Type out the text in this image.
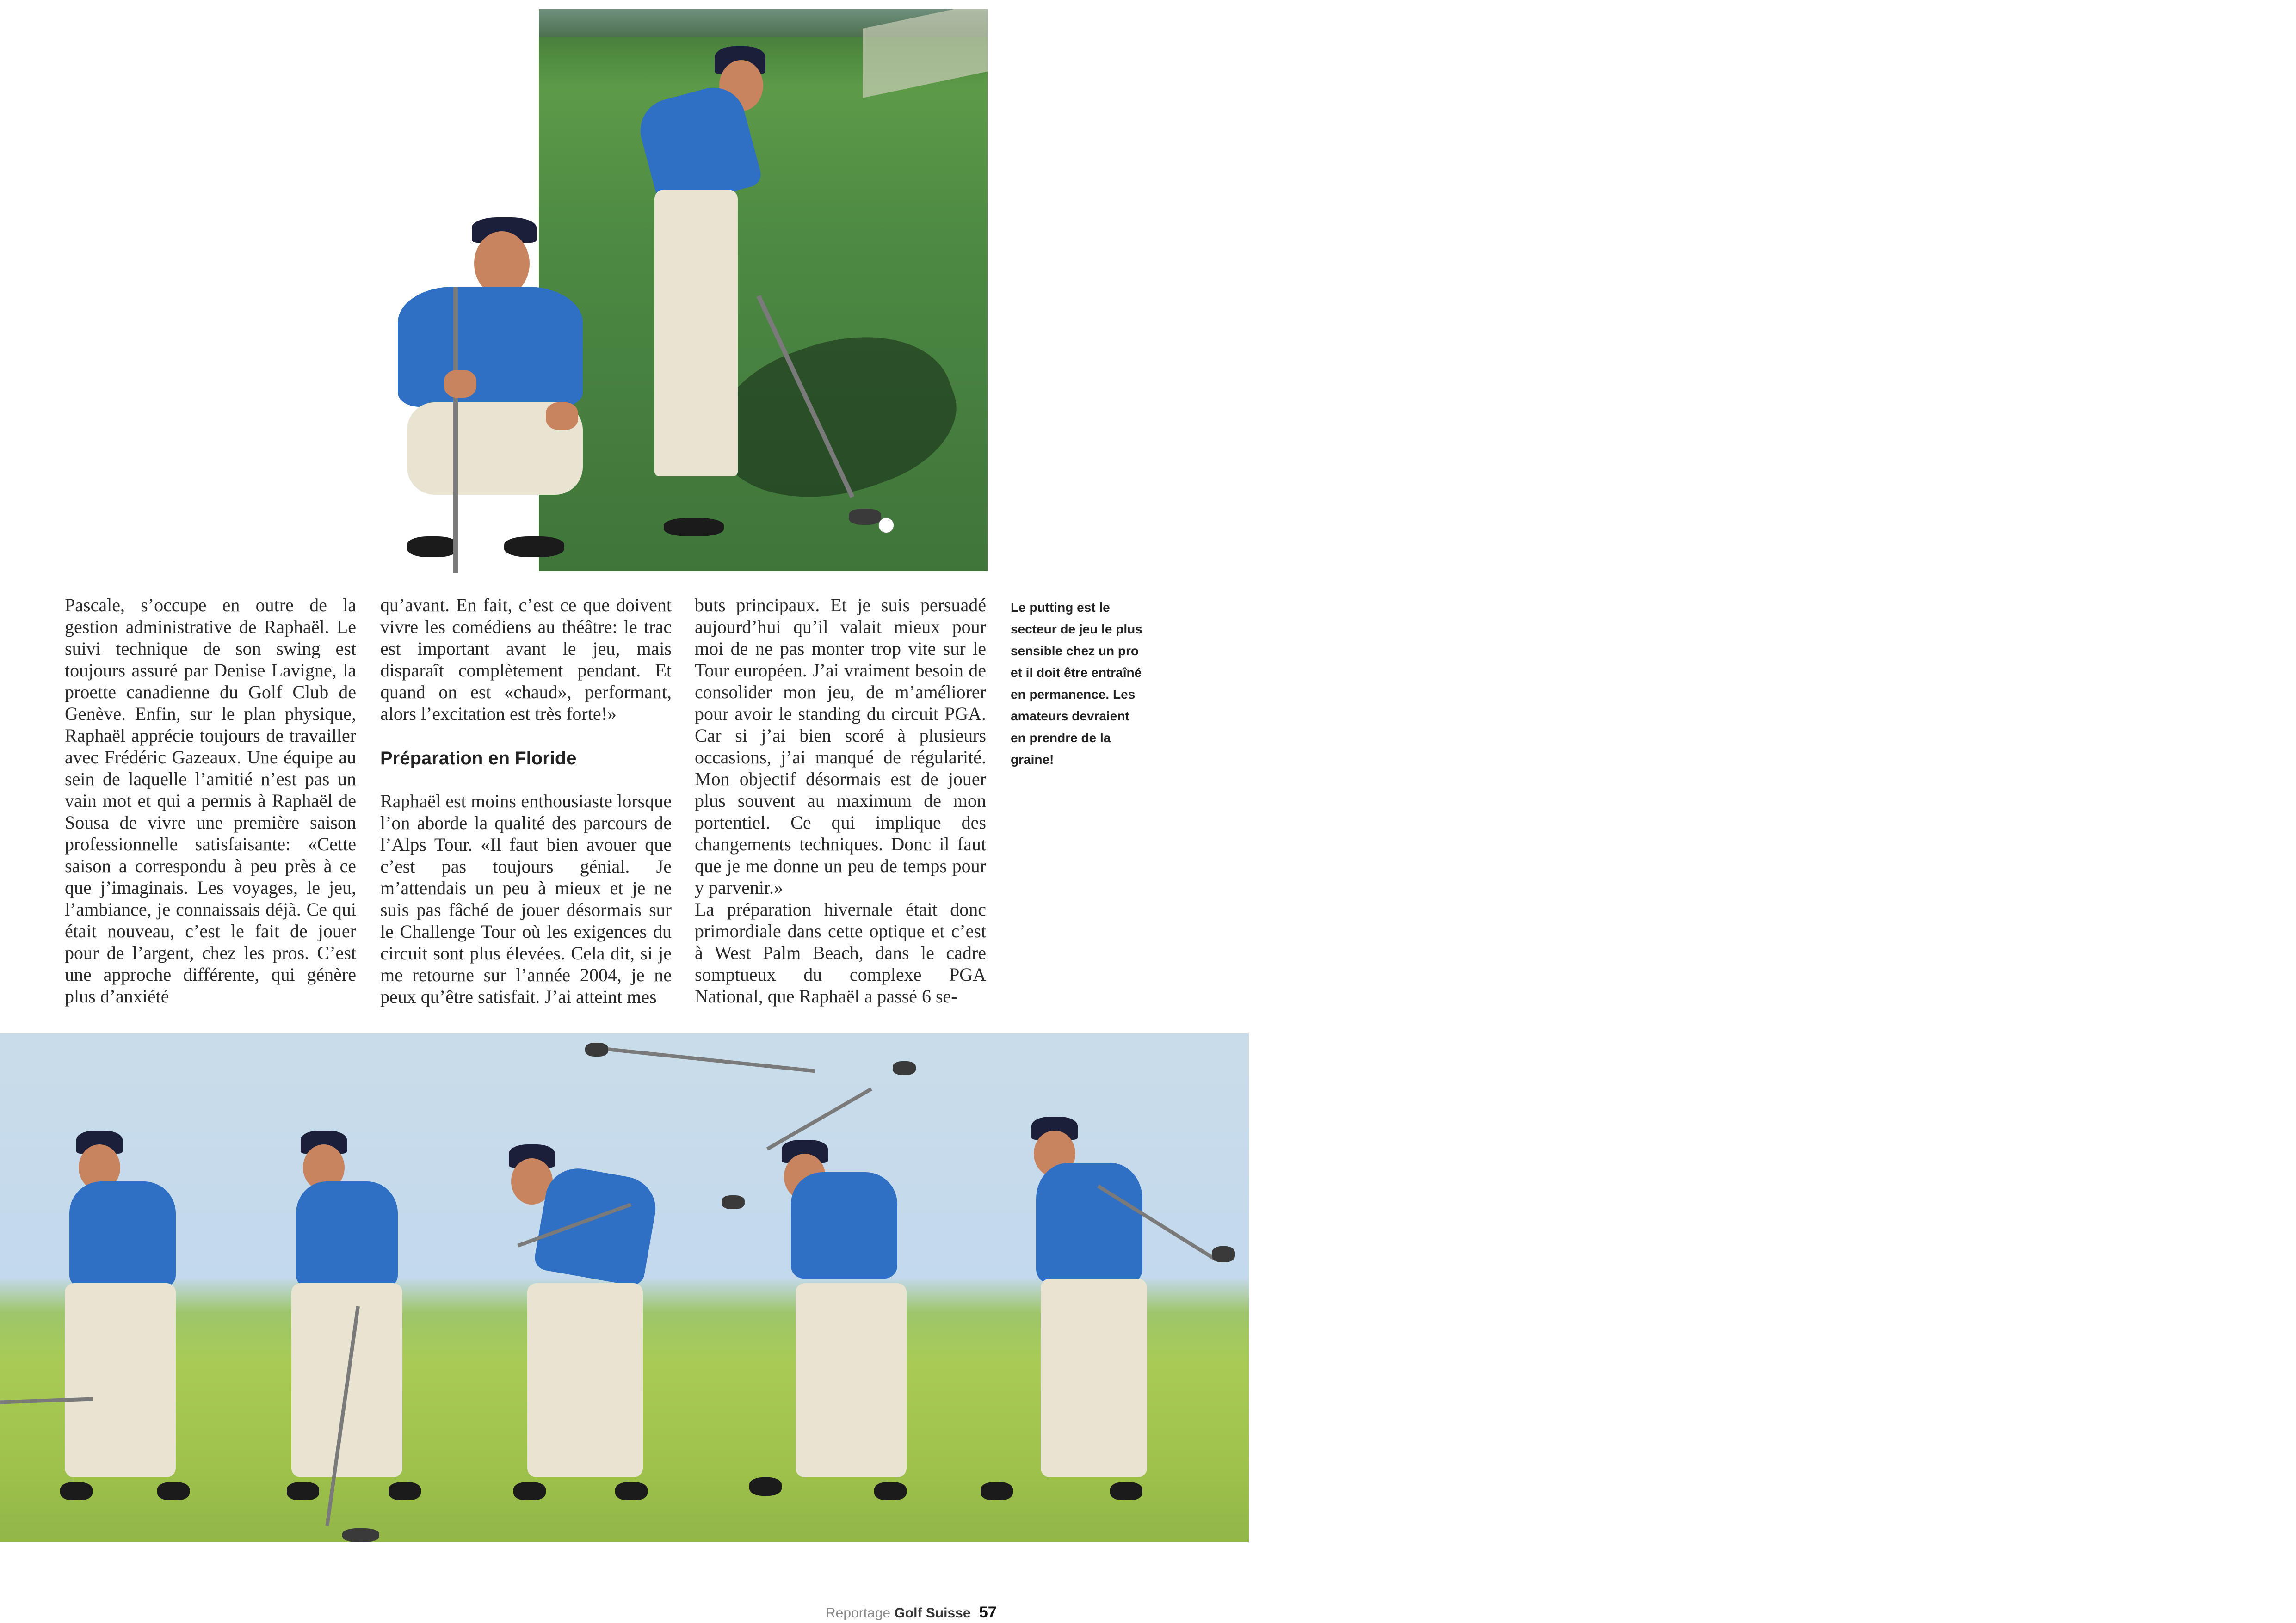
Pascale, s’occupe en outre de la gestion administrative de Raphaël. Le suivi technique de son swing est toujours assuré par Denise Lavigne, la proette canadienne du Golf Club de Genève. Enfin, sur le plan physique, Raphaël apprécie toujours de travailler avec Frédéric Gazeaux. Une équipe au sein de laquelle l’amitié n’est pas un vain mot et qui a permis à Raphaël de Sousa de vivre une première saison professionnelle satisfaisante: «Cette saison a correspondu à peu près à ce que j’imaginais. Les voyages, le jeu, l’ambiance, je connaissais déjà. Ce qui était nouveau, c’est le fait de jouer pour de l’argent, chez les pros. C’est une approche différente, qui génère plus d’anxiété

qu’avant. En fait, c’est ce que doivent vivre les comédiens au théâtre: le trac est important avant le jeu, mais disparaît complètement pendant. Et quand on est «chaud», performant, alors l’excitation est très forte!»

Préparation en Floride

Raphaël est moins enthousiaste lorsque l’on aborde la qualité des parcours de l’Alps Tour. «Il faut bien avouer que c’est pas toujours génial. Je m’attendais un peu à mieux et je ne suis pas fâché de jouer désormais sur le Challenge Tour où les exigences du circuit sont plus élevées. Cela dit, si je me retourne sur l’année 2004, je ne peux qu’être satisfait. J’ai atteint mes

buts principaux. Et je suis persuadé aujourd’hui qu’il valait mieux pour moi de ne pas monter trop vite sur le Tour européen. J’ai vraiment besoin de consolider mon jeu, de m’améliorer pour avoir le standing du circuit PGA. Car si j’ai bien scoré à plusieurs occasions, j’ai manqué de régularité. Mon objectif désormais est de jouer plus souvent au maximum de mon portentiel. Ce qui implique des changements techniques. Donc il faut que je me donne un peu de temps pour y parvenir.»

La préparation hivernale était donc primordiale dans cette optique et c’est à West Palm Beach, dans le cadre somptueux du complexe PGA National, que Raphaël a passé 6 se-

Le putting est le secteur de jeu le plus sensible chez un pro et il doit être entraîné en permanence. Les amateurs devraient en prendre de la graine!
Reportage Golf Suisse 57
